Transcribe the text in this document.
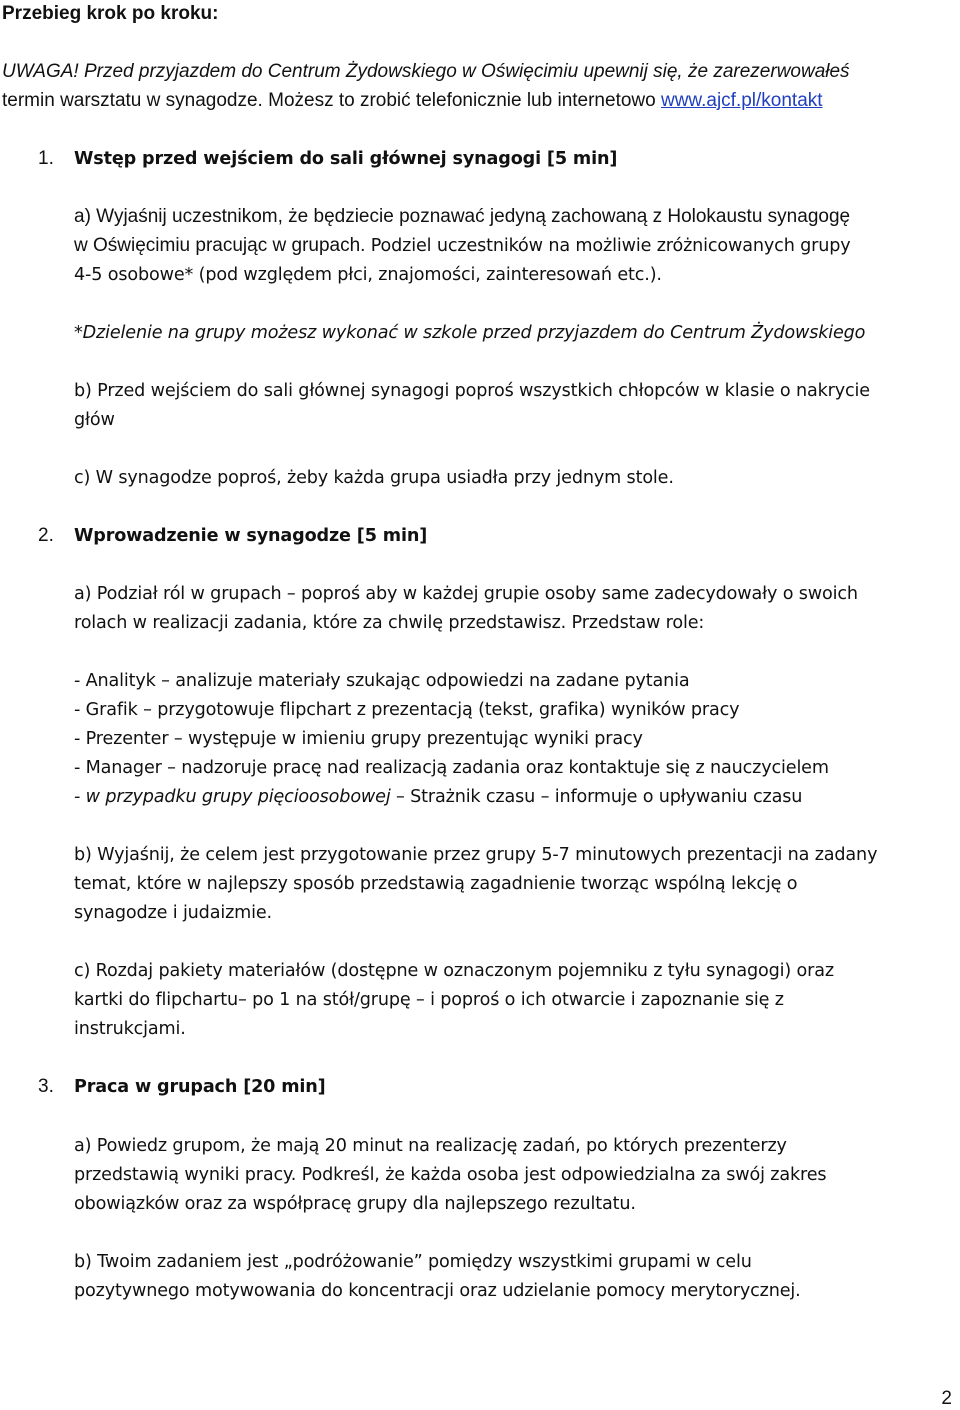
Przebieg krok po kroku:
UWAGA! Przed przyjazdem do Centrum Żydowskiego w Oświęcimiu upewnij się, że zarezerwowałeś
termin warsztatu w synagodze. Możesz to zrobić telefonicznie lub internetowo www.ajcf.pl/kontakt
1. Wstęp przed wejściem do sali głównej synagogi [5 min]
a) Wyjaśnij uczestnikom, że będziecie poznawać jedyną zachowaną z Holokaustu synagogę
w Oświęcimiu pracując w grupach. Podziel uczestników na możliwie zróżnicowanych grupy
4-5 osobowe* (pod względem płci, znajomości, zainteresowań etc.).
*Dzielenie na grupy możesz wykonać w szkole przed przyjazdem do Centrum Żydowskiego
b) Przed wejściem do sali głównej synagogi poproś wszystkich chłopców w klasie o nakrycie
głów
c) W synagodze poproś, żeby każda grupa usiadła przy jednym stole.
2. Wprowadzenie w synagodze [5 min]
a) Podział ról w grupach – poproś aby w każdej grupie osoby same zadecydowały o swoich
rolach w realizacji zadania, które za chwilę przedstawisz. Przedstaw role:
- Analityk – analizuje materiały szukając odpowiedzi na zadane pytania
- Grafik – przygotowuje flipchart z prezentacją (tekst, grafika) wyników pracy
- Prezenter – występuje w imieniu grupy prezentując wyniki pracy
- Manager – nadzoruje pracę nad realizacją zadania oraz kontaktuje się z nauczycielem
- w przypadku grupy pięcioosobowej – Strażnik czasu – informuje o upływaniu czasu
b) Wyjaśnij, że celem jest przygotowanie przez grupy 5-7 minutowych prezentacji na zadany
temat, które w najlepszy sposób przedstawią zagadnienie tworząc wspólną lekcję o
synagodze i judaizmie.
c) Rozdaj pakiety materiałów (dostępne w oznaczonym pojemniku z tyłu synagogi) oraz
kartki do flipchartu– po 1 na stół/grupę – i poproś o ich otwarcie i zapoznanie się z
instrukcjami.
3. Praca w grupach [20 min]
a) Powiedz grupom, że mają 20 minut na realizację zadań, po których prezenterzy
przedstawią wyniki pracy. Podkreśl, że każda osoba jest odpowiedzialna za swój zakres
obowiązków oraz za współpracę grupy dla najlepszego rezultatu.
b) Twoim zadaniem jest „podróżowanie” pomiędzy wszystkimi grupami w celu
pozytywnego motywowania do koncentracji oraz udzielanie pomocy merytorycznej.
2
